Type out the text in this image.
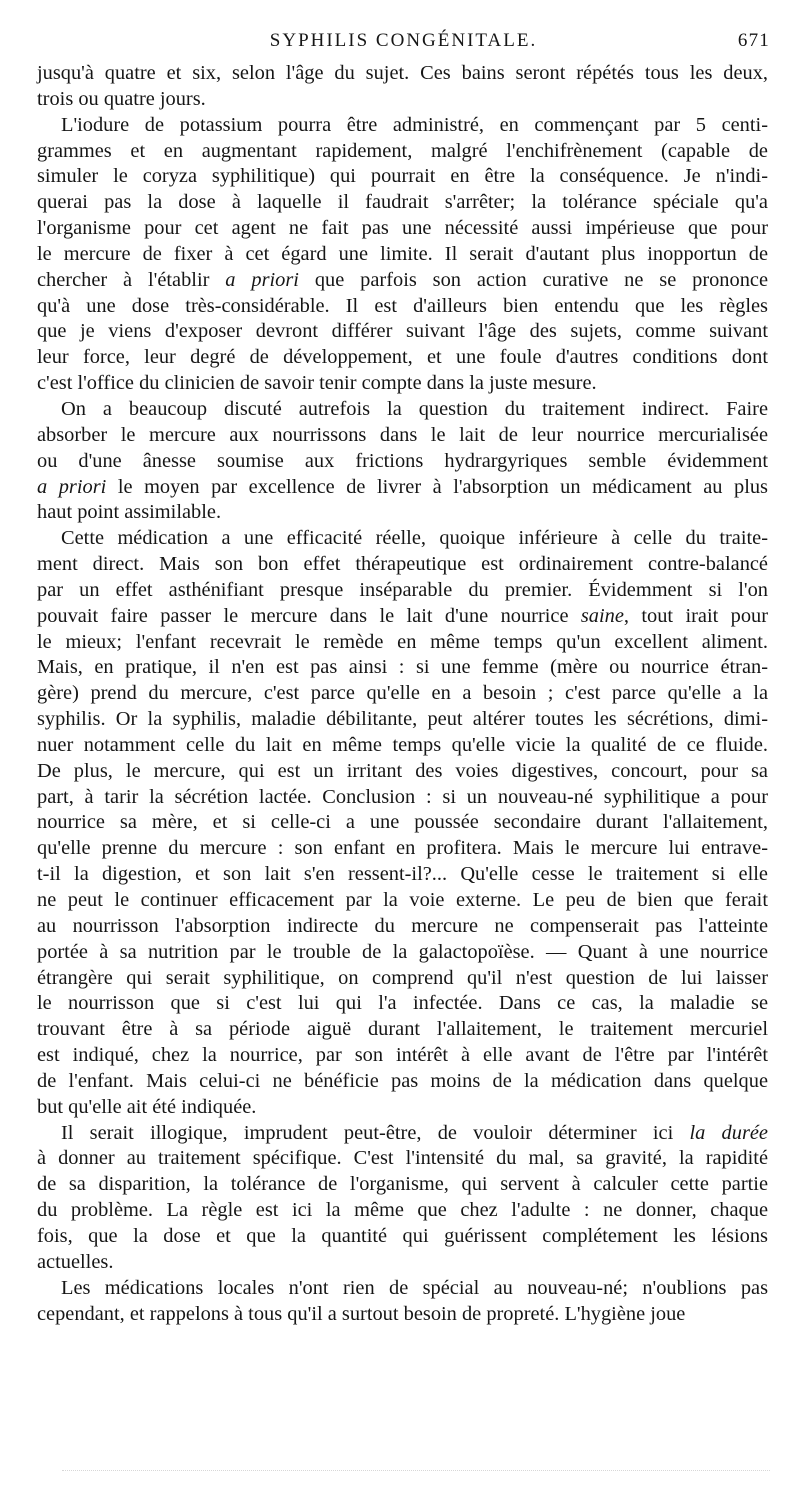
SYPHILIS CONGÉNITALE.	671
jusqu'à quatre et six, selon l'âge du sujet. Ces bains seront répétés tous les deux,
trois ou quatre jours.
L'iodure de potassium pourra être administré, en commençant par 5 centi-
grammes et en augmentant rapidement, malgré l'enchifrènement (capable de
simuler le coryza syphilitique) qui pourrait en être la conséquence. Je n'indi-
querai pas la dose à laquelle il faudrait s'arrêter; la tolérance spéciale qu'a
l'organisme pour cet agent ne fait pas une nécessité aussi impérieuse que pour
le mercure de fixer à cet égard une limite. Il serait d'autant plus inopportun de
chercher à l'établir a priori que parfois son action curative ne se prononce
qu'à une dose très-considérable. Il est d'ailleurs bien entendu que les règles
que je viens d'exposer devront différer suivant l'âge des sujets, comme suivant
leur force, leur degré de développement, et une foule d'autres conditions dont
c'est l'office du clinicien de savoir tenir compte dans la juste mesure.
On a beaucoup discuté autrefois la question du traitement indirect. Faire
absorber le mercure aux nourrissons dans le lait de leur nourrice mercurialisée
ou d'une ânesse soumise aux frictions hydrargyriques semble évidemment
a priori le moyen par excellence de livrer à l'absorption un médicament au plus
haut point assimilable.
Cette médication a une efficacité réelle, quoique inférieure à celle du traite-
ment direct. Mais son bon effet thérapeutique est ordinairement contre-balancé
par un effet asthénifiant presque inséparable du premier. Évidemment si l'on
pouvait faire passer le mercure dans le lait d'une nourrice saine, tout irait pour
le mieux; l'enfant recevrait le remède en même temps qu'un excellent aliment.
Mais, en pratique, il n'en est pas ainsi : si une femme (mère ou nourrice étran-
gère) prend du mercure, c'est parce qu'elle en a besoin ; c'est parce qu'elle a la
syphilis. Or la syphilis, maladie débilitante, peut altérer toutes les sécrétions, dimi-
nuer notamment celle du lait en même temps qu'elle vicie la qualité de ce fluide.
De plus, le mercure, qui est un irritant des voies digestives, concourt, pour sa
part, à tarir la sécrétion lactée. Conclusion : si un nouveau-né syphilitique a pour
nourrice sa mère, et si celle-ci a une poussée secondaire durant l'allaitement,
qu'elle prenne du mercure : son enfant en profitera. Mais le mercure lui entrave-
t-il la digestion, et son lait s'en ressent-il?... Qu'elle cesse le traitement si elle
ne peut le continuer efficacement par la voie externe. Le peu de bien que ferait
au nourrisson l'absorption indirecte du mercure ne compenserait pas l'atteinte
portée à sa nutrition par le trouble de la galactopoïèse. — Quant à une nourrice
étrangère qui serait syphilitique, on comprend qu'il n'est question de lui laisser
le nourrisson que si c'est lui qui l'a infectée. Dans ce cas, la maladie se
trouvant être à sa période aiguë durant l'allaitement, le traitement mercuriel
est indiqué, chez la nourrice, par son intérêt à elle avant de l'être par l'intérêt
de l'enfant. Mais celui-ci ne bénéficie pas moins de la médication dans quelque
but qu'elle ait été indiquée.
Il serait illogique, imprudent peut-être, de vouloir déterminer ici la durée
à donner au traitement spécifique. C'est l'intensité du mal, sa gravité, la rapidité
de sa disparition, la tolérance de l'organisme, qui servent à calculer cette partie
du problème. La règle est ici la même que chez l'adulte : ne donner, chaque
fois, que la dose et que la quantité qui guérissent complétement les lésions
actuelles.
Les médications locales n'ont rien de spécial au nouveau-né; n'oublions pas
cependant, et rappelons à tous qu'il a surtout besoin de propreté. L'hygiène joue
